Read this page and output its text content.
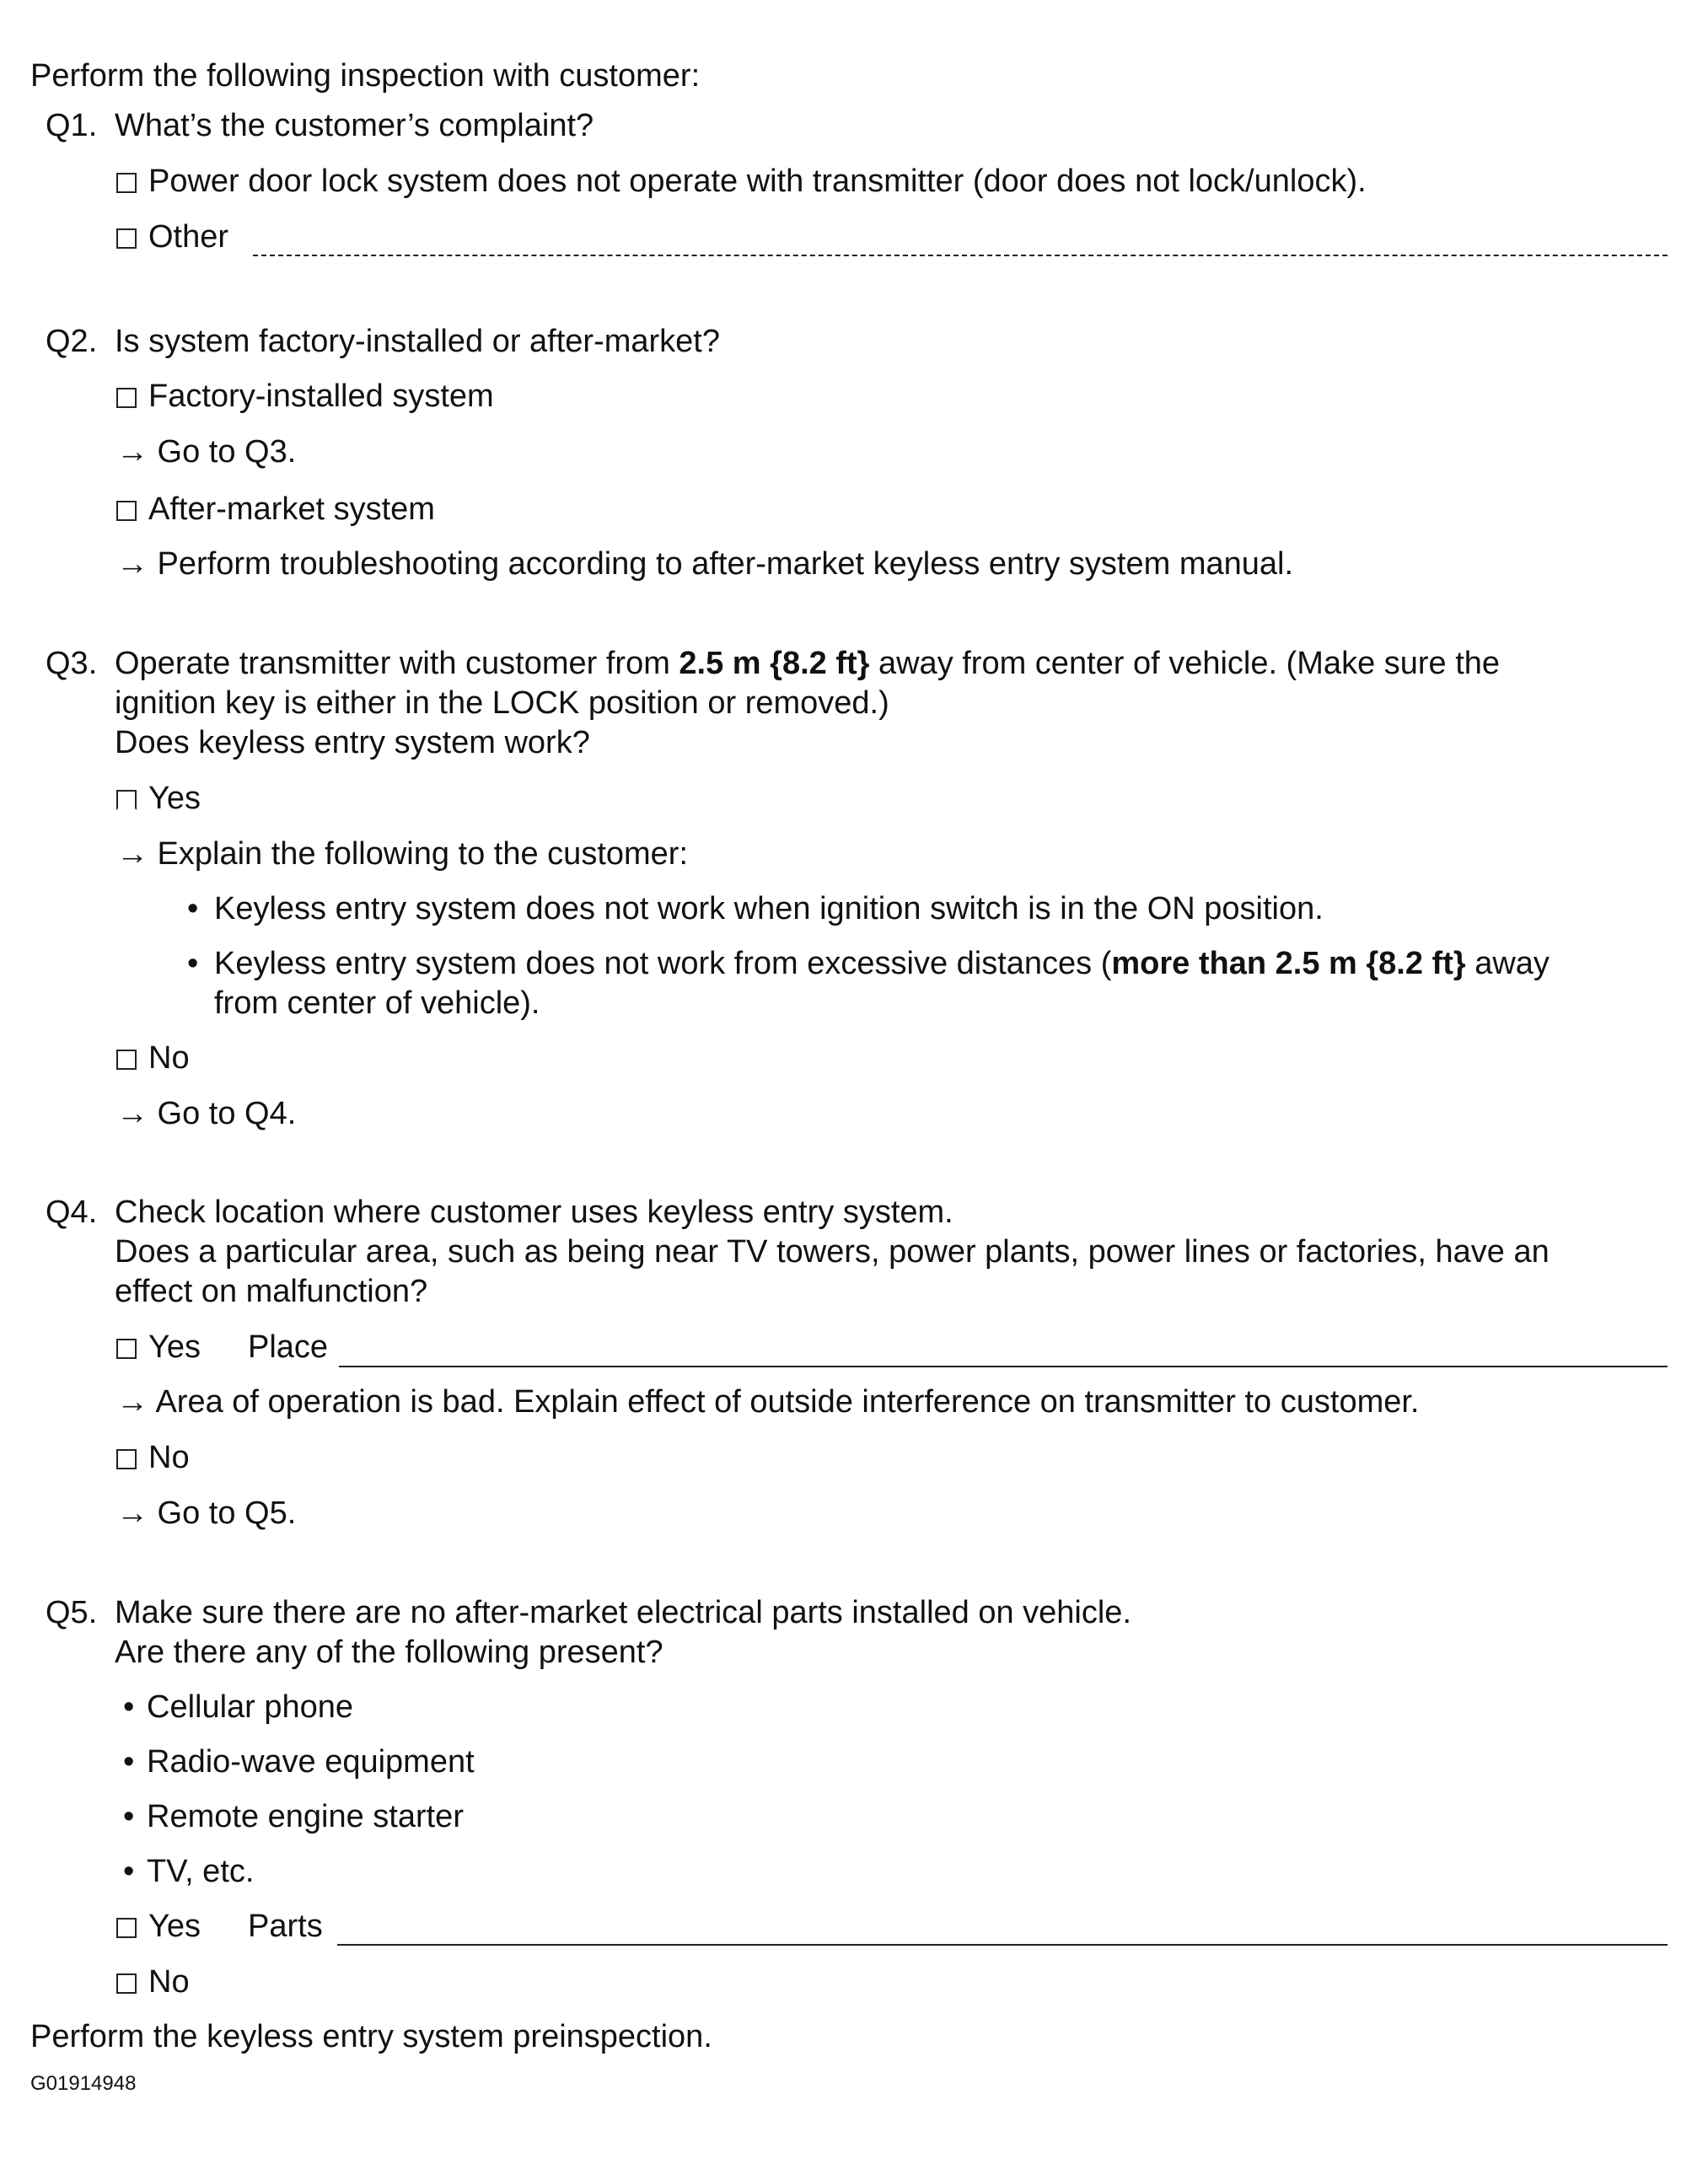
Perform the following inspection with customer:
Q1. What’s the customer’s complaint?
Power door lock system does not operate with transmitter (door does not lock/unlock).
Other
Q2. Is system factory-installed or after-market?
Factory-installed system
→ Go to Q3.
After-market system
→ Perform troubleshooting according to after-market keyless entry system manual.
Q3. Operate transmitter with customer from 2.5 m {8.2 ft} away from center of vehicle. (Make sure the
ignition key is either in the LOCK position or removed.)
Does keyless entry system work?
Yes
→ Explain the following to the customer:
• Keyless entry system does not work when ignition switch is in the ON position.
• Keyless entry system does not work from excessive distances (more than 2.5 m {8.2 ft} away
from center of vehicle).
No
→ Go to Q4.
Q4. Check location where customer uses keyless entry system.
Does a particular area, such as being near TV towers, power plants, power lines or factories, have an
effect on malfunction?
Yes Place
→ Area of operation is bad. Explain effect of outside interference on transmitter to customer.
No
→ Go to Q5.
Q5. Make sure there are no after-market electrical parts installed on vehicle.
Are there any of the following present?
• Cellular phone
• Radio-wave equipment
• Remote engine starter
• TV, etc.
Yes Parts
No
Perform the keyless entry system preinspection.
G01914948
